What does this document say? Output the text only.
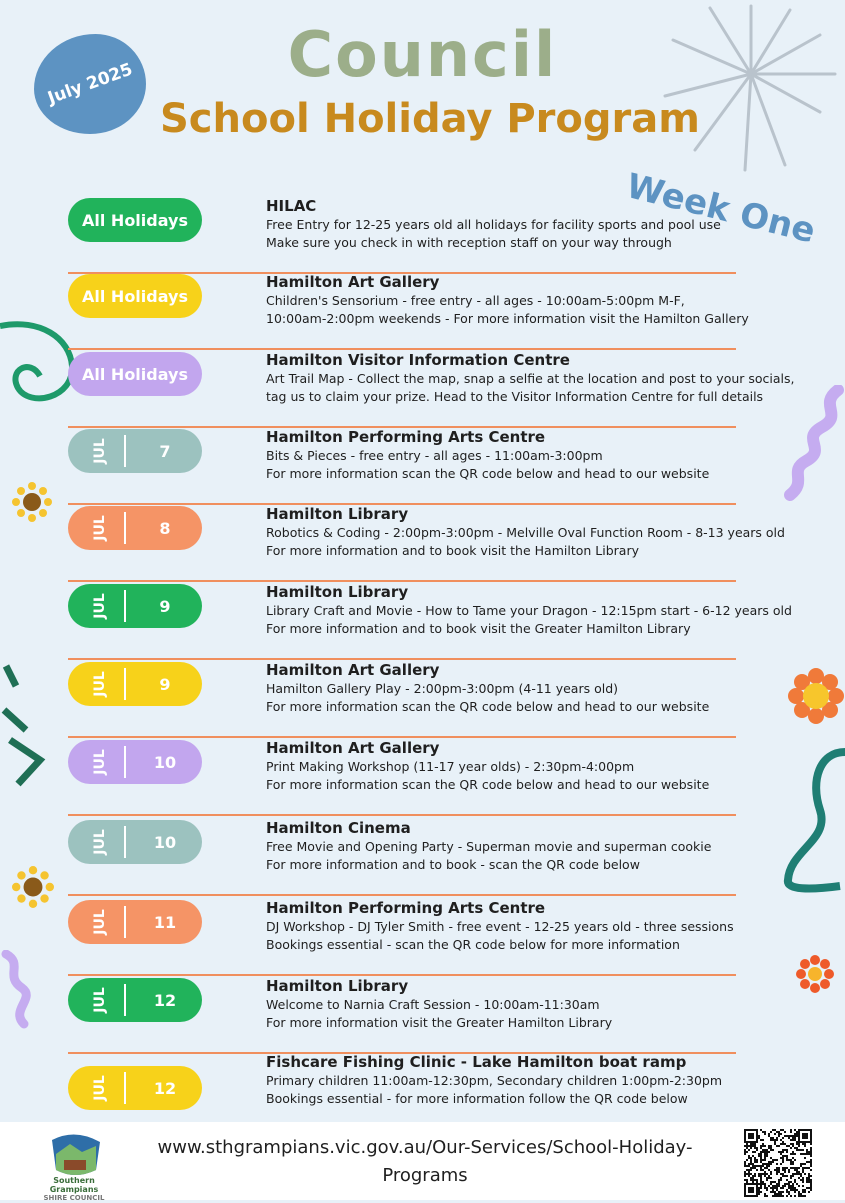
July 2025	Council
School Holiday Program
Week One
All Holidays
HILAC
Free Entry for 12-25 years old all holidays for facility sports and pool use
Make sure you check in with reception staff on your way through
All Holidays
Hamilton Art Gallery
Children's Sensorium - free entry - all ages - 10:00am-5:00pm M-F,
10:00am-2:00pm weekends - For more information visit the Hamilton Gallery
All Holidays
Hamilton Visitor Information Centre
Art Trail Map - Collect the map, snap a selfie at the location and post to your socials,
tag us to claim your prize. Head to the Visitor Information Centre for full details
JUL	7
Hamilton Performing Arts Centre
Bits & Pieces - free entry - all ages - 11:00am-3:00pm
For more information scan the QR code below and head to our website
JUL	8
Hamilton Library
Robotics & Coding - 2:00pm-3:00pm - Melville Oval Function Room - 8-13 years old
For more information and to book visit the Hamilton Library
JUL	9
Hamilton Library
Library Craft and Movie - How to Tame your Dragon - 12:15pm start - 6-12 years old
For more information and to book visit the Greater Hamilton Library
JUL	9
Hamilton Art Gallery
Hamilton Gallery Play - 2:00pm-3:00pm (4-11 years old)
For more information scan the QR code below and head to our website
JUL	10
Hamilton Art Gallery
Print Making Workshop (11-17 year olds) - 2:30pm-4:00pm
For more information scan the QR code below and head to our website
JUL	10
Hamilton Cinema
Free Movie and Opening Party - Superman movie and superman cookie
For more information and to book - scan the QR code below
JUL	11
Hamilton Performing Arts Centre
DJ Workshop - DJ Tyler Smith - free event - 12-25 years old - three sessions
Bookings essential - scan the QR code below for more information
JUL	12
Hamilton Library
Welcome to Narnia Craft Session - 10:00am-11:30am
For more information visit the Greater Hamilton Library
JUL	12
Fishcare Fishing Clinic - Lake Hamilton boat ramp
Primary children 11:00am-12:30pm, Secondary children 1:00pm-2:30pm
Bookings essential - for more information follow the QR code below
Southern Grampians
SHIRE COUNCIL
www.sthgrampians.vic.gov.au/Our-Services/School-Holiday-
Programs
